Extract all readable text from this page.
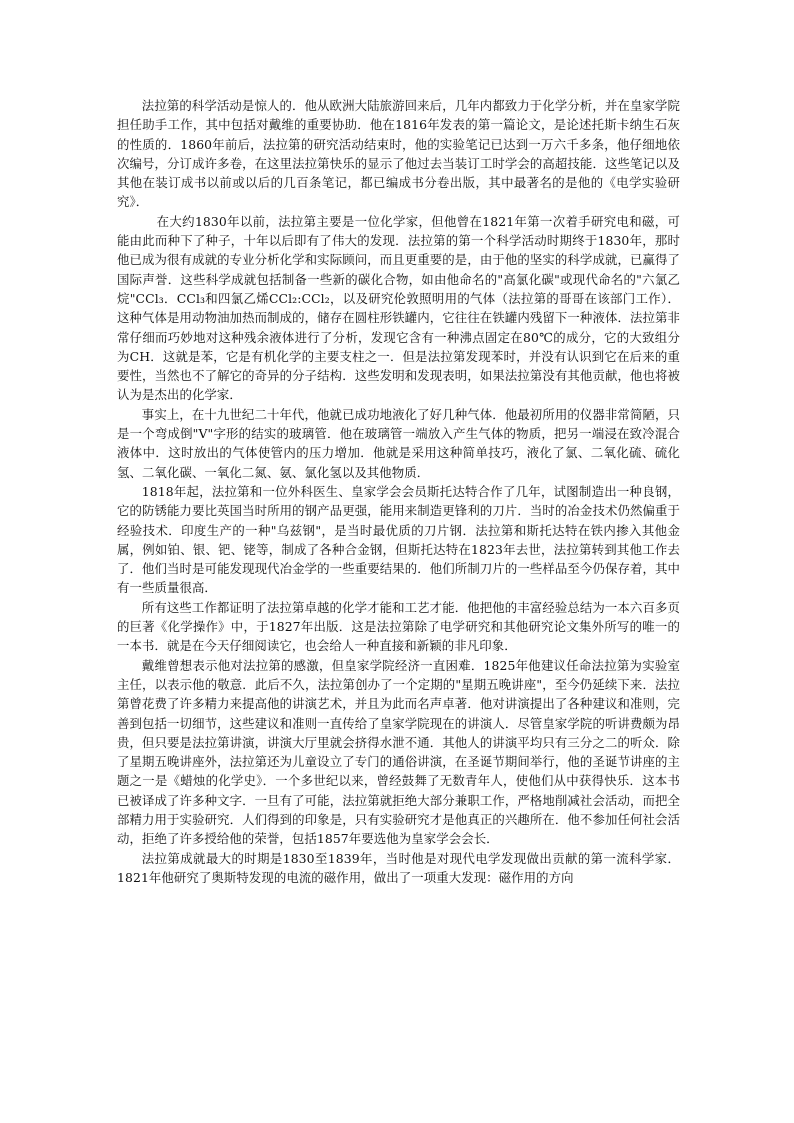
法拉第的科学活动是惊人的．他从欧洲大陆旅游回来后，几年内都致力于化学分析，并在皇家学院担任助手工作，其中包括对戴维的重要协助．他在1816年发表的第一篇论文，是论述托斯卡纳生石灰的性质的．1860年前后，法拉第的研究活动结束时，他的实验笔记已达到一万六千多条，他仔细地依次编号，分订成许多卷，在这里法拉第快乐的显示了他过去当装订工时学会的高超技能．这些笔记以及其他在装订成书以前或以后的几百条笔记，都已编成书分卷出版，其中最著名的是他的《电学实验研究》．

在大约1830年以前，法拉第主要是一位化学家，但他曾在1821年第一次着手研究电和磁，可能由此而种下了种子，十年以后即有了伟大的发现．法拉第的第一个科学活动时期终于1830年，那时他已成为很有成就的专业分析化学和实际顾问，而且更重要的是，由于他的坚实的科学成就，已赢得了国际声誉．这些科学成就包括制备一些新的碳化合物，如由他命名的"高氯化碳"或现代命名的"六氯乙烷"CCl₃．CCl₃和四氯乙烯CCl₂:CCl₂，以及研究伦敦照明用的气体（法拉第的哥哥在该部门工作）．这种气体是用动物油加热而制成的，储存在圆柱形铁罐内，它往往在铁罐内残留下一种液体．法拉第非常仔细而巧妙地对这种残余液体进行了分析，发现它含有一种沸点固定在80℃的成分，它的大致组分为CH．这就是苯，它是有机化学的主要支柱之一．但是法拉第发现苯时，并没有认识到它在后来的重要性，当然也不了解它的奇异的分子结构．这些发明和发现表明，如果法拉第没有其他贡献，他也将被认为是杰出的化学家．

事实上，在十九世纪二十年代，他就已成功地液化了好几种气体．他最初所用的仪器非常简陋，只是一个弯成倒"V"字形的结实的玻璃管．他在玻璃管一端放入产生气体的物质，把另一端浸在致冷混合液体中．这时放出的气体使管内的压力增加．他就是采用这种简单技巧，液化了氯、二氧化硫、硫化氢、二氧化碳、一氧化二氮、氨、氯化氢以及其他物质．

1818年起，法拉第和一位外科医生、皇家学会会员斯托达特合作了几年，试图制造出一种良钢，它的防锈能力要比英国当时所用的钢产品更强，能用来制造更锋利的刀片．当时的冶金技术仍然偏重于经验技术．印度生产的一种"乌兹钢"，是当时最优质的刀片钢．法拉第和斯托达特在铁内掺入其他金属，例如铂、银、钯、铑等，制成了各种合金钢，但斯托达特在1823年去世，法拉第转到其他工作去了．他们当时是可能发现现代冶金学的一些重要结果的．他们所制刀片的一些样品至今仍保存着，其中有一些质量很高．

所有这些工作都证明了法拉第卓越的化学才能和工艺才能．他把他的丰富经验总结为一本六百多页的巨著《化学操作》中，于1827年出版．这是法拉第除了电学研究和其他研究论文集外所写的唯一的一本书．就是在今天仔细阅读它，也会给人一种直接和新颖的非凡印象．

戴维曾想表示他对法拉第的感激，但皇家学院经济一直困难．1825年他建议任命法拉第为实验室主任，以表示他的敬意．此后不久，法拉第创办了一个定期的"星期五晚讲座"，至今仍延续下来．法拉第曾花费了许多精力来提高他的讲演艺术，并且为此而名声卓著．他对讲演提出了各种建议和准则，完善到包括一切细节，这些建议和准则一直传给了皇家学院现在的讲演人．尽管皇家学院的听讲费颇为昂贵，但只要是法拉第讲演，讲演大厅里就会挤得水泄不通．其他人的讲演平均只有三分之二的听众．除了星期五晚讲座外，法拉第还为儿童设立了专门的通俗讲演，在圣诞节期间举行，他的圣诞节讲座的主题之一是《蜡烛的化学史》．一个多世纪以来，曾经鼓舞了无数青年人，使他们从中获得快乐．这本书已被译成了许多种文字．一旦有了可能，法拉第就拒绝大部分兼职工作，严格地削减社会活动，而把全部精力用于实验研究．人们得到的印象是，只有实验研究才是他真正的兴趣所在．他不参加任何社会活动，拒绝了许多授给他的荣誉，包括1857年要选他为皇家学会会长．

法拉第成就最大的时期是1830至1839年，当时他是对现代电学发现做出贡献的第一流科学家．1821年他研究了奥斯特发现的电流的磁作用，做出了一项重大发现：磁作用的方向
